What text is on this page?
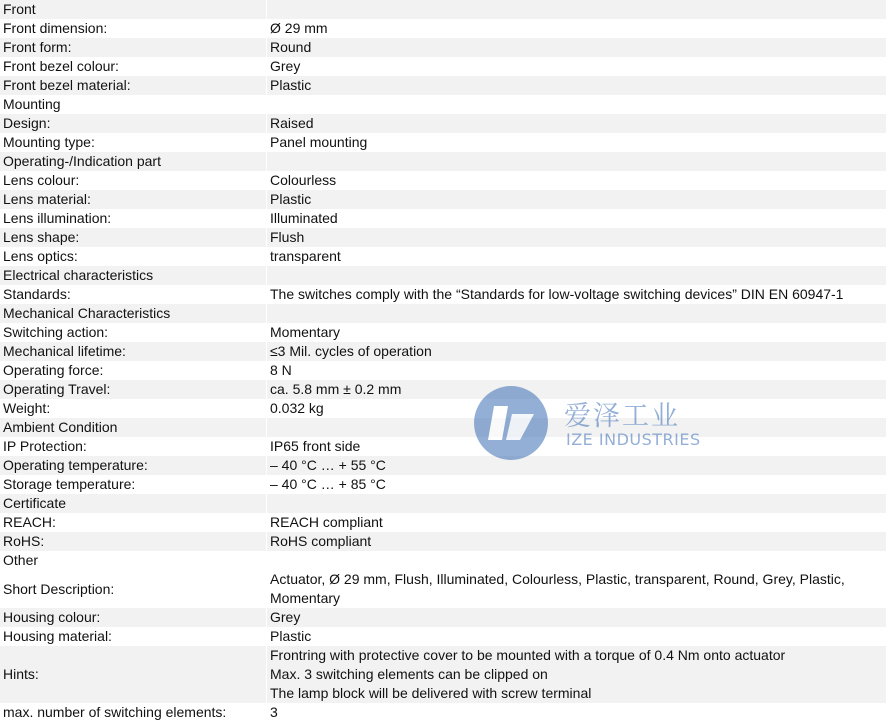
Front	
Front dimension:	Ø 29 mm
Front form:	Round
Front bezel colour:	Grey
Front bezel material:	Plastic
Mounting	
Design:	Raised
Mounting type:	Panel mounting
Operating-/Indication part	
Lens colour:	Colourless
Lens material:	Plastic
Lens illumination:	Illuminated
Lens shape:	Flush
Lens optics:	transparent
Electrical characteristics	
Standards:	The switches comply with the “Standards for low-voltage switching devices” DIN EN 60947-1
Mechanical Characteristics	
Switching action:	Momentary
Mechanical lifetime:	≤3 Mil. cycles of operation
Operating force:	8 N
Operating Travel:	ca. 5.8 mm ± 0.2 mm
Weight:	0.032 kg
Ambient Condition	
IP Protection:	IP65 front side
Operating temperature:	– 40 °C … + 55 °C
Storage temperature:	– 40 °C … + 85 °C
Certificate	
REACH:	REACH compliant
RoHS:	RoHS compliant
Other	
Short Description:	Actuator, Ø 29 mm, Flush, Illuminated, Colourless, Plastic, transparent, Round, Grey, Plastic,
Momentary

Housing colour:	Grey
Housing material:	Plastic
Hints:	Frontring with protective cover to be mounted with a torque of 0.4 Nm onto actuator
Max. 3 switching elements can be clipped on
The lamp block will be delivered with screw terminal

max. number of switching elements:	3
爱泽工业
IZE INDUSTRIES
